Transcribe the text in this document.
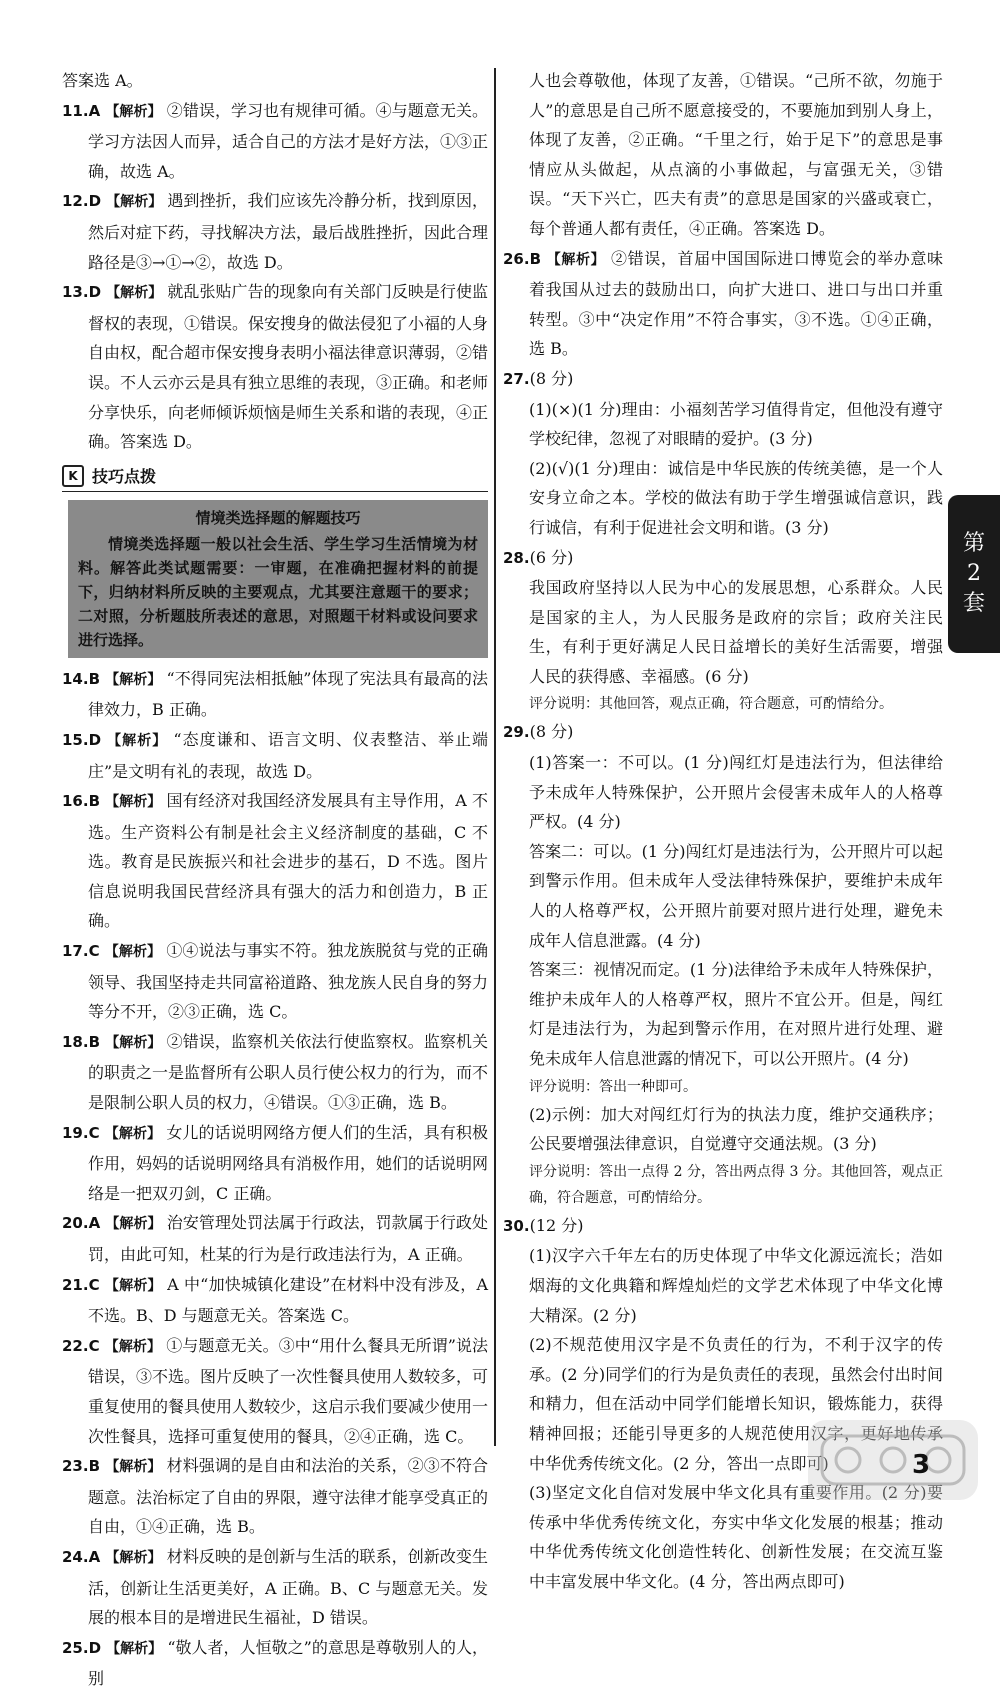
答案选 A。

11.A 【解析】 ②错误，学习也有规律可循。④与题意无关。学习方法因人而异，适合自己的方法才是好方法，①③正确，故选 A。

12.D 【解析】 遇到挫折，我们应该先冷静分析，找到原因，然后对症下药，寻找解决方法，最后战胜挫折，因此合理路径是③→①→②，故选 D。

13.D 【解析】 就乱张贴广告的现象向有关部门反映是行使监督权的表现，①错误。保安搜身的做法侵犯了小福的人身自由权，配合超市保安搜身表明小福法律意识薄弱，②错误。不人云亦云是具有独立思维的表现，③正确。和老师分享快乐，向老师倾诉烦恼是师生关系和谐的表现，④正确。答案选 D。

K 技巧点拨

情境类选择题的解题技巧

情境类选择题一般以社会生活、学生学习生活情境为材料。解答此类试题需要：一审题，在准确把握材料的前提下，归纳材料所反映的主要观点，尤其要注意题干的要求；二对照，分析题肢所表述的意思，对照题干材料或设问要求进行选择。

14.B 【解析】 “不得同宪法相抵触”体现了宪法具有最高的法律效力，B 正确。

15.D 【解析】 “态度谦和、语言文明、仪表整洁、举止端庄”是文明有礼的表现，故选 D。

16.B 【解析】 国有经济对我国经济发展具有主导作用，A 不选。生产资料公有制是社会主义经济制度的基础，C 不选。教育是民族振兴和社会进步的基石，D 不选。图片信息说明我国民营经济具有强大的活力和创造力，B 正确。

17.C 【解析】 ①④说法与事实不符。独龙族脱贫与党的正确领导、我国坚持走共同富裕道路、独龙族人民自身的努力等分不开，②③正确，选 C。

18.B 【解析】 ②错误，监察机关依法行使监察权。监察机关的职责之一是监督所有公职人员行使公权力的行为，而不是限制公职人员的权力，④错误。①③正确，选 B。

19.C 【解析】 女儿的话说明网络方便人们的生活，具有积极作用，妈妈的话说明网络具有消极作用，她们的话说明网络是一把双刃剑，C 正确。

20.A 【解析】 治安管理处罚法属于行政法，罚款属于行政处罚，由此可知，杜某的行为是行政违法行为，A 正确。

21.C 【解析】 A 中“加快城镇化建设”在材料中没有涉及，A 不选。B、D 与题意无关。答案选 C。

22.C 【解析】 ①与题意无关。③中“用什么餐具无所谓”说法错误，③不选。图片反映了一次性餐具使用人数较多，可重复使用的餐具使用人数较少，这启示我们要减少使用一次性餐具，选择可重复使用的餐具，②④正确，选 C。

23.B 【解析】 材料强调的是自由和法治的关系，②③不符合题意。法治标定了自由的界限，遵守法律才能享受真正的自由，①④正确，选 B。

24.A 【解析】 材料反映的是创新与生活的联系，创新改变生活，创新让生活更美好，A 正确。B、C 与题意无关。发展的根本目的是增进民生福祉，D 错误。

25.D 【解析】 “敬人者，人恒敬之”的意思是尊敬别人的人，别

人也会尊敬他，体现了友善，①错误。“己所不欲，勿施于人”的意思是自己所不愿意接受的，不要施加到别人身上，体现了友善，②正确。“千里之行，始于足下”的意思是事情应从头做起，从点滴的小事做起，与富强无关，③错误。“天下兴亡，匹夫有责”的意思是国家的兴盛或衰亡，每个普通人都有责任，④正确。答案选 D。

26.B 【解析】 ②错误，首届中国国际进口博览会的举办意味着我国从过去的鼓励出口，向扩大进口、进口与出口并重转型。③中“决定作用”不符合事实，③不选。①④正确，选 B。

27.(8 分)

(1)(×)(1 分)理由：小福刻苦学习值得肯定，但他没有遵守学校纪律，忽视了对眼睛的爱护。(3 分)

(2)(√)(1 分)理由：诚信是中华民族的传统美德，是一个人安身立命之本。学校的做法有助于学生增强诚信意识，践行诚信，有利于促进社会文明和谐。(3 分)

28.(6 分)

我国政府坚持以人民为中心的发展思想，心系群众。人民是国家的主人，为人民服务是政府的宗旨；政府关注民生，有利于更好满足人民日益增长的美好生活需要，增强人民的获得感、幸福感。(6 分)

评分说明：其他回答，观点正确，符合题意，可酌情给分。

29.(8 分)

(1)答案一：不可以。(1 分)闯红灯是违法行为，但法律给予未成年人特殊保护，公开照片会侵害未成年人的人格尊严权。(4 分)

答案二：可以。(1 分)闯红灯是违法行为，公开照片可以起到警示作用。但未成年人受法律特殊保护，要维护未成年人的人格尊严权，公开照片前要对照片进行处理，避免未成年人信息泄露。(4 分)

答案三：视情况而定。(1 分)法律给予未成年人特殊保护，维护未成年人的人格尊严权，照片不宜公开。但是，闯红灯是违法行为，为起到警示作用，在对照片进行处理、避免未成年人信息泄露的情况下，可以公开照片。(4 分)

评分说明：答出一种即可。

(2)示例：加大对闯红灯行为的执法力度，维护交通秩序；公民要增强法律意识，自觉遵守交通法规。(3 分)

评分说明：答出一点得 2 分，答出两点得 3 分。其他回答，观点正确，符合题意，可酌情给分。

30.(12 分)

(1)汉字六千年左右的历史体现了中华文化源远流长；浩如烟海的文化典籍和辉煌灿烂的文学艺术体现了中华文化博大精深。(2 分)

(2)不规范使用汉字是不负责任的行为，不利于汉字的传承。(2 分)同学们的行为是负责任的表现，虽然会付出时间和精力，但在活动中同学们能增长知识，锻炼能力，获得精神回报；还能引导更多的人规范使用汉字，更好地传承中华优秀传统文化。(2 分，答出一点即可)

(3)坚定文化自信对发展中华文化具有重要作用。(2 分)要传承中华优秀传统文化，夯实中华文化发展的根基；推动中华优秀传统文化创造性转化、创新性发展；在交流互鉴中丰富发展中华文化。(4 分，答出两点即可)

第
2
套
3
